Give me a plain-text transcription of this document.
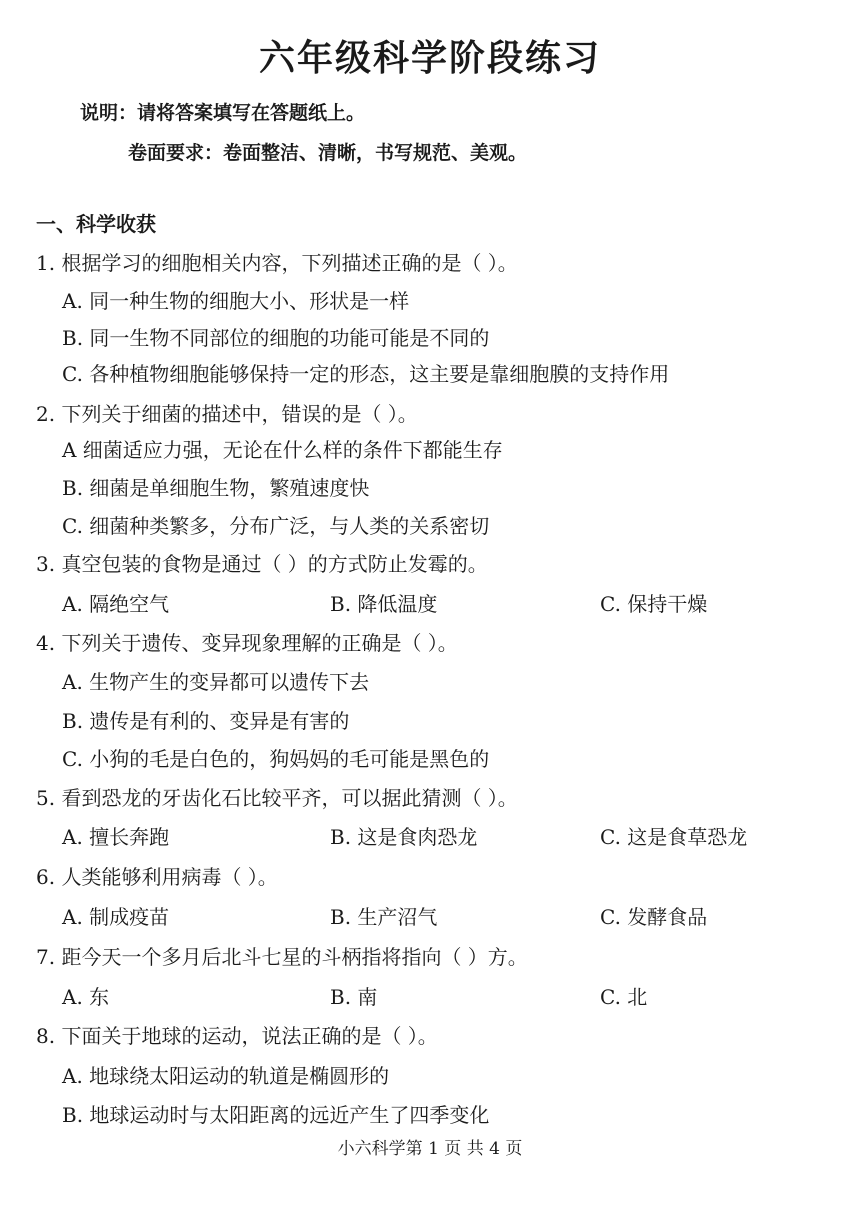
六年级科学阶段练习
说明：请将答案填写在答题纸上。
卷面要求：卷面整洁、清晰，书写规范、美观。
一、科学收获
1. 根据学习的细胞相关内容，下列描述正确的是（ ）。
A. 同一种生物的细胞大小、形状是一样
B. 同一生物不同部位的细胞的功能可能是不同的
C. 各种植物细胞能够保持一定的形态，这主要是靠细胞膜的支持作用
2. 下列关于细菌的描述中，错误的是（ ）。
A 细菌适应力强，无论在什么样的条件下都能生存
B. 细菌是单细胞生物，繁殖速度快
C. 细菌种类繁多，分布广泛，与人类的关系密切
3. 真空包装的食物是通过（ ）的方式防止发霉的。
A. 隔绝空气	B. 降低温度	C. 保持干燥
4. 下列关于遗传、变异现象理解的正确是（ ）。
A. 生物产生的变异都可以遗传下去
B. 遗传是有利的、变异是有害的
C. 小狗的毛是白色的，狗妈妈的毛可能是黑色的
5. 看到恐龙的牙齿化石比较平齐，可以据此猜测（ ）。
A. 擅长奔跑	B. 这是食肉恐龙	C. 这是食草恐龙
6. 人类能够利用病毒（ ）。
A. 制成疫苗	B. 生产沼气	C. 发酵食品
7. 距今天一个多月后北斗七星的斗柄指将指向（ ）方。
A. 东	B. 南	C. 北
8. 下面关于地球的运动，说法正确的是（ ）。
A. 地球绕太阳运动的轨道是椭圆形的
B. 地球运动时与太阳距离的远近产生了四季变化
小六科学第 1 页 共 4 页
